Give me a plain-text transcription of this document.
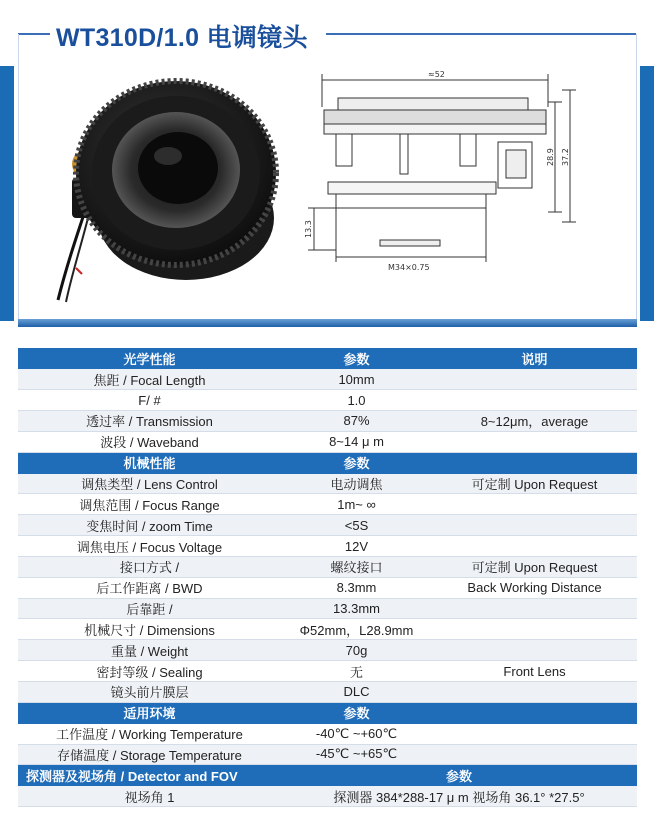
WT310D/1.0 电调镜头
≈52
28.9 37.2
13.3
M34×0.75
光学性能	参数	说明
焦距 / Focal Length	10mm	
F/ #	1.0	
透过率 / Transmission	87%	8~12μm，average
波段 / Waveband	8~14 μ m	
机械性能	参数	
调焦类型 / Lens Control	电动调焦	可定制 Upon Request
调焦范围 / Focus Range	1m~ ∞	
变焦时间 / zoom Time	<5S	
调焦电压 / Focus Voltage	12V	
接口方式 /	螺纹接口	可定制 Upon Request
后工作距离 / BWD	8.3mm	Back Working Distance
后靠距 /	13.3mm	
机械尺寸 / Dimensions	Φ52mm，L28.9mm	
重量 / Weight	70g	
密封等级 / Sealing	无	Front Lens
镜头前片膜层	DLC	
适用环境	参数	
工作温度 / Working Temperature	-40℃ ~+60℃	
存储温度 / Storage Temperature	-45℃ ~+65℃	
探测器及视场角 / Detector and FOV	参数	
视场角 1	探测器 384*288-17 μ m 视场角 36.1° *27.5°	
